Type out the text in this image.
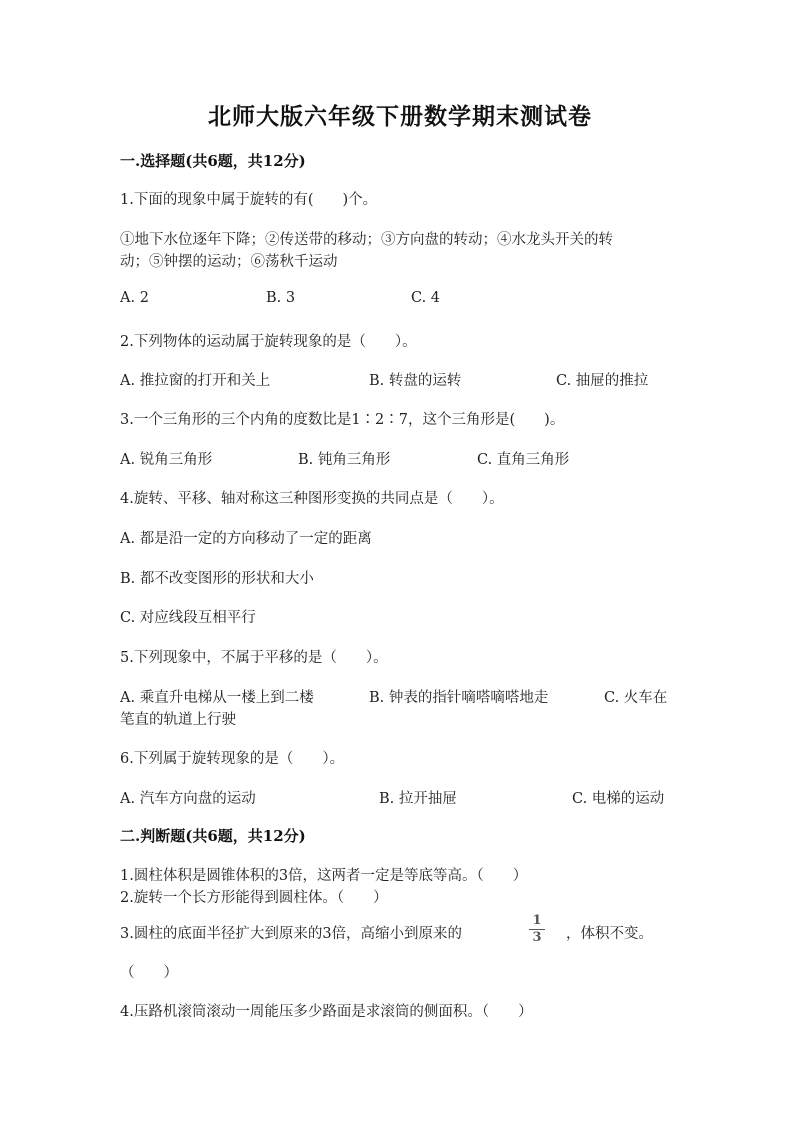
北师大版六年级下册数学期末测试卷
一.选择题(共6题，共12分)
1.下面的现象中属于旋转的有(　　)个。
①地下水位逐年下降；②传送带的移动；③方向盘的转动；④水龙头开关的转
动；⑤钟摆的运动；⑥荡秋千运动
A. 2	B. 3	C. 4
2.下列物体的运动属于旋转现象的是（　　）。
A. 推拉窗的打开和关上	B. 转盘的运转	C. 抽屉的推拉
3.一个三角形的三个内角的度数比是1∶2∶7，这个三角形是(　　)。
A. 锐角三角形	B. 钝角三角形	C. 直角三角形
4.旋转、平移、轴对称这三种图形变换的共同点是（　　）。
A. 都是沿一定的方向移动了一定的距离
B. 都不改变图形的形状和大小
C. 对应线段互相平行
5.下列现象中，不属于平移的是（　　）。
A. 乘直升电梯从一楼上到二楼	B. 钟表的指针嘀嗒嘀嗒地走	C. 火车在
笔直的轨道上行驶
6.下列属于旋转现象的是（　　）。
A. 汽车方向盘的运动	B. 拉开抽屉	C. 电梯的运动
二.判断题(共6题，共12分)
1.圆柱体积是圆锥体积的3倍，这两者一定是等底等高。（　　）
2.旋转一个长方形能得到圆柱体。（　　）
3.圆柱的底面半径扩大到原来的3倍，高缩小到原来的
1
3	，体积不变。
（　　）
4.压路机滚筒滚动一周能压多少路面是求滚筒的侧面积。（　　）
